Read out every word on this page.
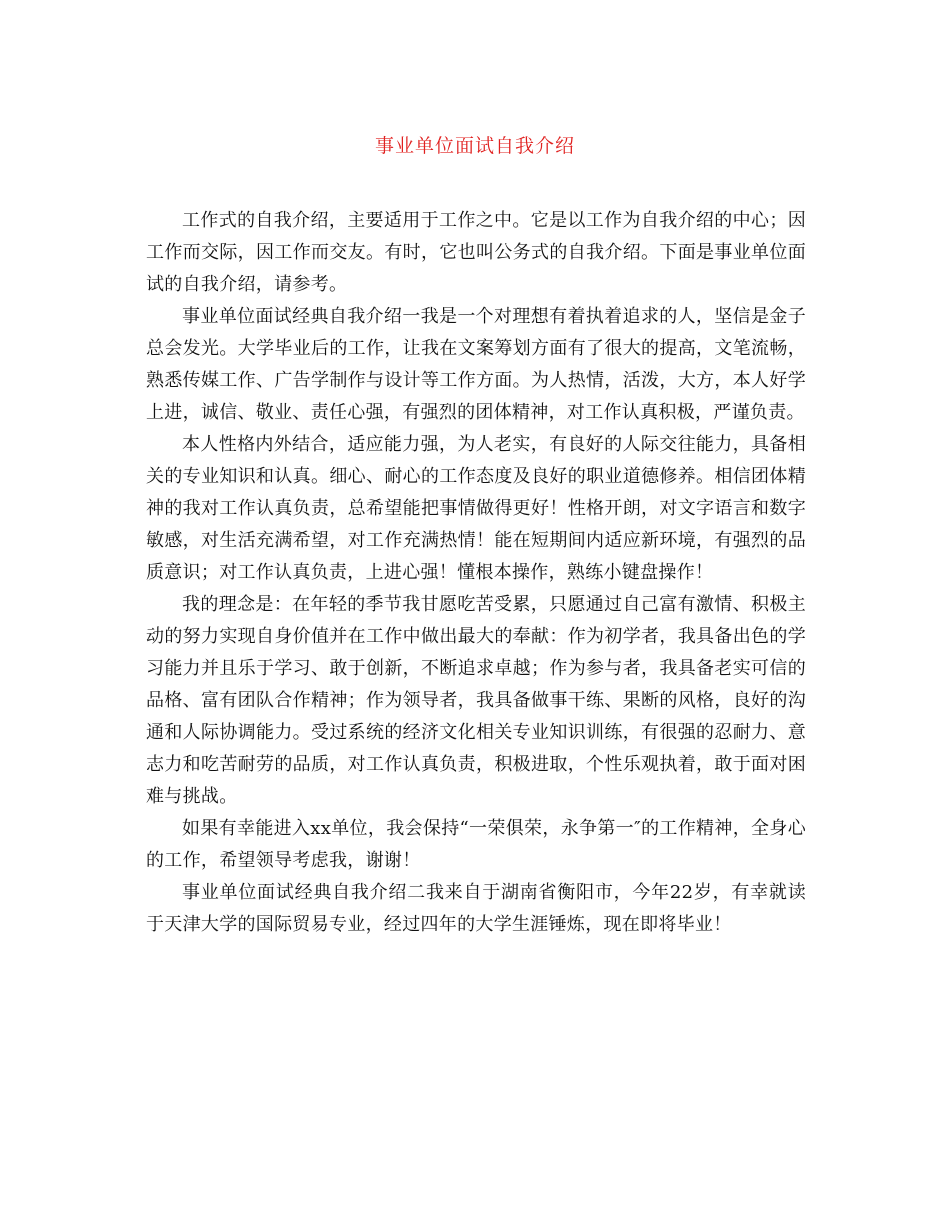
事业单位面试自我介绍

工作式的自我介绍，主要适用于工作之中。它是以工作为自我介绍的中心；因工作而交际，因工作而交友。有时，它也叫公务式的自我介绍。下面是事业单位面试的自我介绍，请参考。

事业单位面试经典自我介绍一我是一个对理想有着执着追求的人，坚信是金子总会发光。大学毕业后的工作，让我在文案筹划方面有了很大的提高，文笔流畅，熟悉传媒工作、广告学制作与设计等工作方面。为人热情，活泼，大方，本人好学上进，诚信、敬业、责任心强，有强烈的团体精神，对工作认真积极，严谨负责。

本人性格内外结合，适应能力强，为人老实，有良好的人际交往能力，具备相关的专业知识和认真。细心、耐心的工作态度及良好的职业道德修养。相信团体精神的我对工作认真负责，总希望能把事情做得更好！性格开朗，对文字语言和数字敏感，对生活充满希望，对工作充满热情！能在短期间内适应新环境，有强烈的品质意识；对工作认真负责，上进心强！懂根本操作，熟练小键盘操作！

我的理念是：在年轻的季节我甘愿吃苦受累，只愿通过自己富有激情、积极主动的努力实现自身价值并在工作中做出最大的奉献：作为初学者，我具备出色的学习能力并且乐于学习、敢于创新，不断追求卓越；作为参与者，我具备老实可信的品格、富有团队合作精神；作为领导者，我具备做事干练、果断的风格，良好的沟通和人际协调能力。受过系统的经济文化相关专业知识训练，有很强的忍耐力、意志力和吃苦耐劳的品质，对工作认真负责，积极进取，个性乐观执着，敢于面对困难与挑战。

如果有幸能进入xx单位，我会保持“一荣俱荣，永争第一″的工作精神，全身心的工作，希望领导考虑我，谢谢！

事业单位面试经典自我介绍二我来自于湖南省衡阳市，今年22岁，有幸就读于天津大学的国际贸易专业，经过四年的大学生涯锤炼，现在即将毕业！
